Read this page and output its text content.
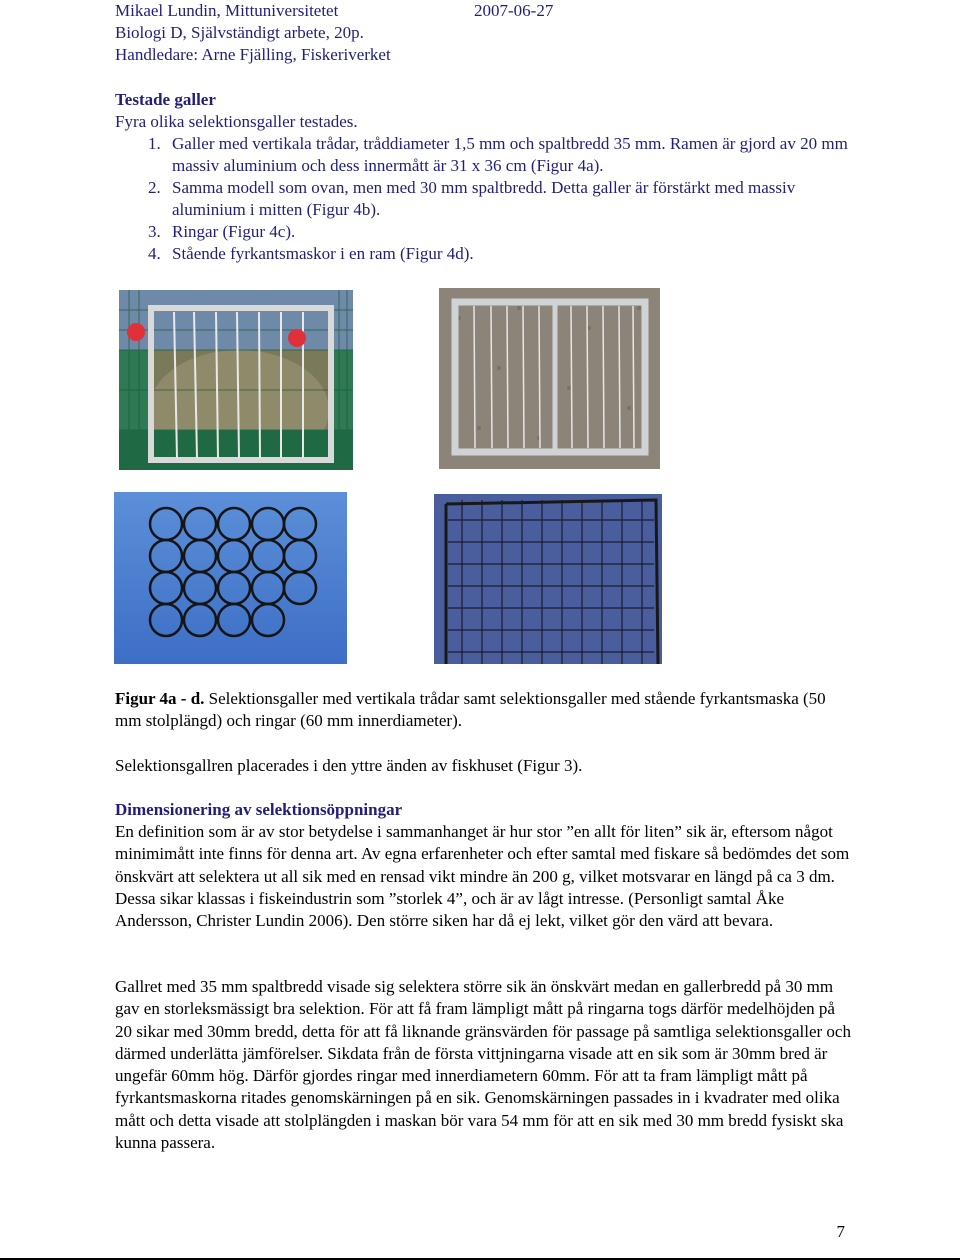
Mikael Lundin, Mittuniversitetet	2007-06-27
Biologi D, Självständigt arbete, 20p.
Handledare: Arne Fjälling, Fiskeriverket
Testade galler
Fyra olika selektionsgaller testades.
1. Galler med vertikala trådar, tråddiameter 1,5 mm och spaltbredd 35 mm. Ramen är gjord av 20 mm massiv aluminium och dess innermått är 31 x 36 cm (Figur 4a).
2. Samma modell som ovan, men med 30 mm spaltbredd. Detta galler är förstärkt med massiv aluminium i mitten (Figur 4b).
3. Ringar (Figur 4c).
4. Stående fyrkantsmaskor i en ram (Figur 4d).
Figur 4a - d. Selektionsgaller med vertikala trådar samt selektionsgaller med stående fyrkantsmaska (50 mm stolplängd) och ringar (60 mm innerdiameter).
Selektionsgallren placerades i den yttre änden av fiskhuset (Figur 3).
Dimensionering av selektionsöppningar
En definition som är av stor betydelse i sammanhanget är hur stor ”en allt för liten” sik är, eftersom något minimimått inte finns för denna art. Av egna erfarenheter och efter samtal med fiskare så bedömdes det som önskvärt att selektera ut all sik med en rensad vikt mindre än 200 g, vilket motsvarar en längd på ca 3 dm. Dessa sikar klassas i fiskeindustrin som ”storlek 4”, och är av lågt intresse. (Personligt samtal Åke Andersson, Christer Lundin 2006). Den större siken har då ej lekt, vilket gör den värd att bevara.
Gallret med 35 mm spaltbredd visade sig selektera större sik än önskvärt medan en gallerbredd på 30 mm gav en storleksmässigt bra selektion. För att få fram lämpligt mått på ringarna togs därför medelhöjden på 20 sikar med 30mm bredd, detta för att få liknande gränsvärden för passage på samtliga selektionsgaller och därmed underlätta jämförelser. Sikdata från de första vittjningarna visade att en sik som är 30mm bred är ungefär 60mm hög. Därför gjordes ringar med innerdiametern 60mm. För att ta fram lämpligt mått på fyrkantsmaskorna ritades genomskärningen på en sik. Genomskärningen passades in i kvadrater med olika mått och detta visade att stolplängden i maskan bör vara 54 mm för att en sik med 30 mm bredd fysiskt ska kunna passera.
7
